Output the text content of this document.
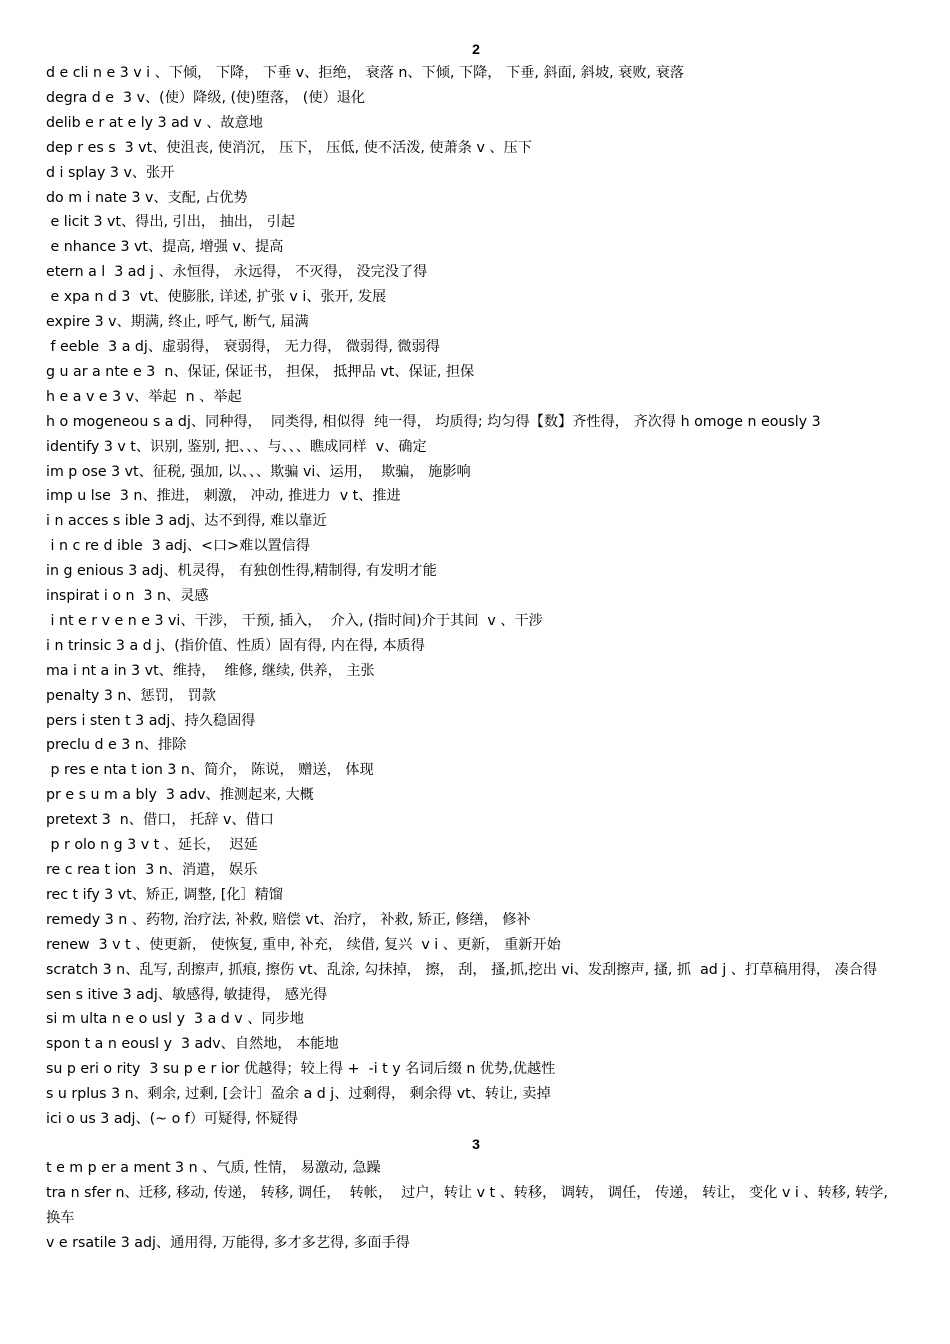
2
d e cli n e 3 v i 、下倾， 下降， 下垂 v、拒绝， 衰落 n、下倾, 下降， 下垂, 斜面, 斜坡, 衰败, 衰落
degra d e  3 v、(使）降级, (使)堕落， (使）退化
delib e r at e ly 3 ad v 、故意地
dep r es s  3 vt、使沮丧, 使消沉， 压下， 压低, 使不活泼, 使萧条 v 、压下
d i splay 3 v、张开
do m i nate 3 v、支配, 占优势
e licit 3 vt、得出, 引出， 抽出， 引起
e nhance 3 vt、提高, 增强 v、提高
etern a l  3 ad j 、永恒得， 永远得， 不灭得， 没完没了得
e xpa n d 3  vt、使膨胀, 详述, 扩张 v i、张开, 发展
expire 3 v、期满, 终止, 呼气, 断气, 届满
f eeble  3 a dj、虚弱得， 衰弱得， 无力得， 微弱得, 微弱得
g u ar a nte e 3  n、保证, 保证书， 担保， 抵押品 vt、保证, 担保
h e a v e 3 v、举起  n 、举起
h o mogeneou s a dj、同种得，  同类得, 相似得  纯一得， 均质得; 均匀得【数】齐性得， 齐次得 h omoge n eously 3
identify 3 v t、识别, 鉴别, 把、、、与、、、瞧成同样  v、确定
im p ose 3 vt、征税, 强加, 以、、、欺骗 vi、运用，  欺骗， 施影响
imp u lse  3 n、推进， 刺激， 冲动, 推进力  v t、推进
i n acces s ible 3 adj、达不到得, 难以靠近
i n c re d ible  3 adj、<口>难以置信得
in g enious 3 adj、机灵得， 有独创性得,精制得, 有发明才能
inspirat i o n  3 n、灵感
i nt e r v e n e 3 vi、干涉， 干预, 插入，  介入, (指时间)介于其间  v 、干涉
i n trinsic 3 a d j、(指价值、性质）固有得, 内在得, 本质得
ma i nt a in 3 vt、维持，  维修, 继续, 供养， 主张
penalty 3 n、惩罚， 罚款
pers i sten t 3 adj、持久稳固得
preclu d e 3 n、排除
p res e nta t ion 3 n、简介， 陈说， 赠送， 体现
pr e s u m a bly  3 adv、推测起来, 大概
pretext 3  n、借口， 托辞 v、借口
p r olo n g 3 v t 、延长，  迟延
re c rea t ion  3 n、消遣， 娱乐
rec t ify 3 vt、矫正, 调整, [化］精馏
remedy 3 n 、药物, 治疗法, 补救, 赔偿 vt、治疗， 补救, 矫正, 修缮， 修补
renew  3 v t 、使更新， 使恢复, 重申, 补充， 续借, 复兴  v i 、更新， 重新开始
scratch 3 n、乱写, 刮擦声, 抓痕, 擦伤 vt、乱涂, 勾抹掉， 擦， 刮， 搔,抓,挖出 vi、发刮擦声, 搔, 抓  ad j 、打草稿用得， 凑合得
sen s itive 3 adj、敏感得, 敏捷得， 感光得
si m ulta n e o usl y  3 a d v 、同步地
spon t a n eousl y  3 adv、自然地， 本能地
su p eri o rity  3 su p e r ior 优越得；较上得 +  -i t y 名词后缀 n 优势,优越性
s u rplus 3 n、剩余, 过剩, [会计］盈余 a d j、过剩得， 剩余得 vt、转让, 卖掉
ici o us 3 adj、(~ o f）可疑得, 怀疑得
3
t e m p er a ment 3 n 、气质, 性情， 易激动, 急躁
tra n sfer n、迁移, 移动, 传递， 转移, 调任，  转帐，  过户，转让 v t 、转移， 调转， 调任， 传递， 转让， 变化 v i 、转移, 转学, 换车
v e rsatile 3 adj、通用得, 万能得, 多才多艺得, 多面手得
